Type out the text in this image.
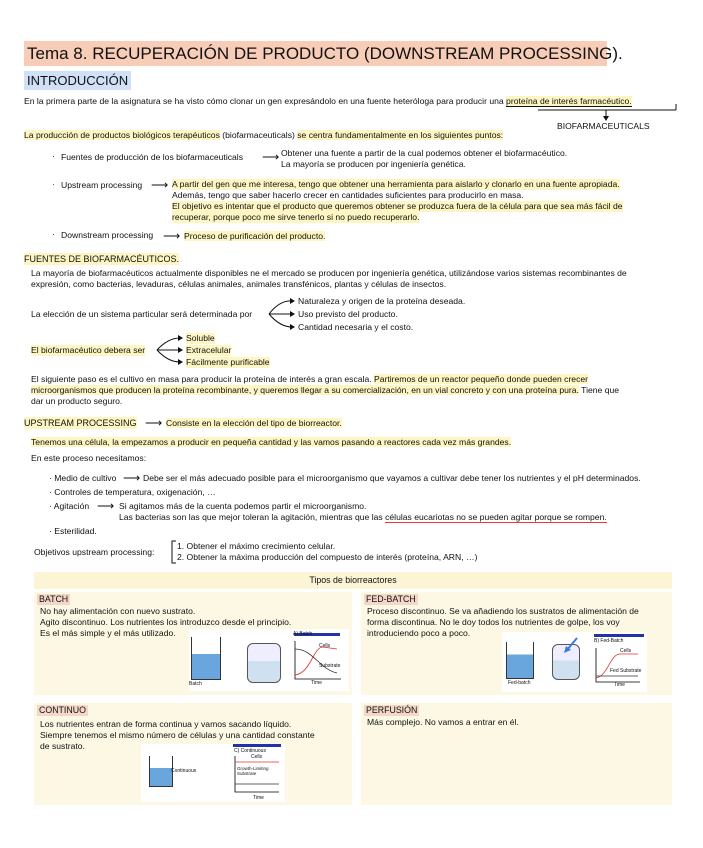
Tema 8. RECUPERACIÓN DE PRODUCTO (DOWNSTREAM PROCESSING).
INTRODUCCIÓN
En la primera parte de la asignatura se ha visto cómo clonar un gen expresándolo en una fuente heteróloga para producir una proteína de interés farmacéutico.
BIOFARMACEUTICALS
La producción de productos biológicos terapéuticos (biofarmaceuticals) se centra fundamentalmente en los siguientes puntos:
· Fuentes de producción de los biofarmaceuticals ⟶ Obtener una fuente a partir de la cual podemos obtener el biofarmacéutico.
La mayoría se producen por ingeniería genética.
· Upstream processing ⟶ A partir del gen que me interesa, tengo que obtener una herramienta para aislarlo y clonarlo en una fuente apropiada.
Además, tengo que saber hacerlo crecer en cantidades suficientes para producirlo en masa.
El objetivo es intentar que el producto que queremos obtener se produzca fuera de la célula para que sea más fácil de
recuperar, porque poco me sirve tenerlo si no puedo recuperarlo.
· Downstream processing ⟶ Proceso de purificación del producto.
FUENTES DE BIOFARMACÉUTICOS.
La mayoría de biofarmacéuticos actualmente disponibles ne el mercado se producen por ingeniería genética, utilizándose varios sistemas recombinantes de
expresión, como bacterias, levaduras, células animales, animales transfénicos, plantas y células de insectos.
La elección de un sistema particular será determinada por
Naturaleza y origen de la proteína deseada.
Uso previsto del producto.
Cantidad necesaria y el costo.
El biofarmacéutico debera ser
Soluble
Extracelular
Fácilmente purificable
El siguiente paso es el cultivo en masa para producir la proteína de interés a gran escala. Partiremos de un reactor pequeño donde pueden crecer
microorganismos que producen la proteína recombinante, y queremos llegar a su comercialización, en un vial concreto y con una proteína pura. Tiene que
dar un producto seguro.
UPSTREAM PROCESSING ⟶ Consiste en la elección del tipo de biorreactor.
Tenemos una célula, la empezamos a producir en pequeña cantidad y las vamos pasando a reactores cada vez más grandes.
En este proceso necesitamos:
· Medio de cultivo ⟶ Debe ser el más adecuado posible para el microorganismo que vayamos a cultivar debe tener los nutrientes y el pH determinados.
· Controles de temperatura, oxigenación, …
· Agitación ⟶ Si agitamos más de la cuenta podemos partir el microorganismo.
Las bacterias son las que mejor toleran la agitación, mientras que las células eucariotas no se pueden agitar porque se rompen.
· Esterilidad.
Objetivos upstream processing:
1. Obtener el máximo crecimiento celular.
2. Obtener la máxima producción del compuesto de interés (proteína, ARN, …)
Tipos de biorreactores
BATCH
No hay alimentación con nuevo sustrato.
Agito discontinuo. Los nutrientes los introduzco desde el principio.
Es el más simple y el más utilizado.
Batch
A) Batch
Cells
Substrate
Time
FED-BATCH
Proceso discontinuo. Se va añadiendo los sustratos de alimentación de
forma discontinua. No le doy todos los nutrientes de golpe, los voy
introduciendo poco a poco.
Fed-batch
B) Fed-Batch
Cells
Fed Substrate
Time
CONTINUO
Los nutrientes entran de forma continua y vamos sacando líquido.
Siempre tenemos el mismo número de células y una cantidad constante
de sustrato.
Continuous
C) Continuous
Cells
Growth-Limiting Substrate
Time
PERFUSIÓN
Más complejo. No vamos a entrar en él.
